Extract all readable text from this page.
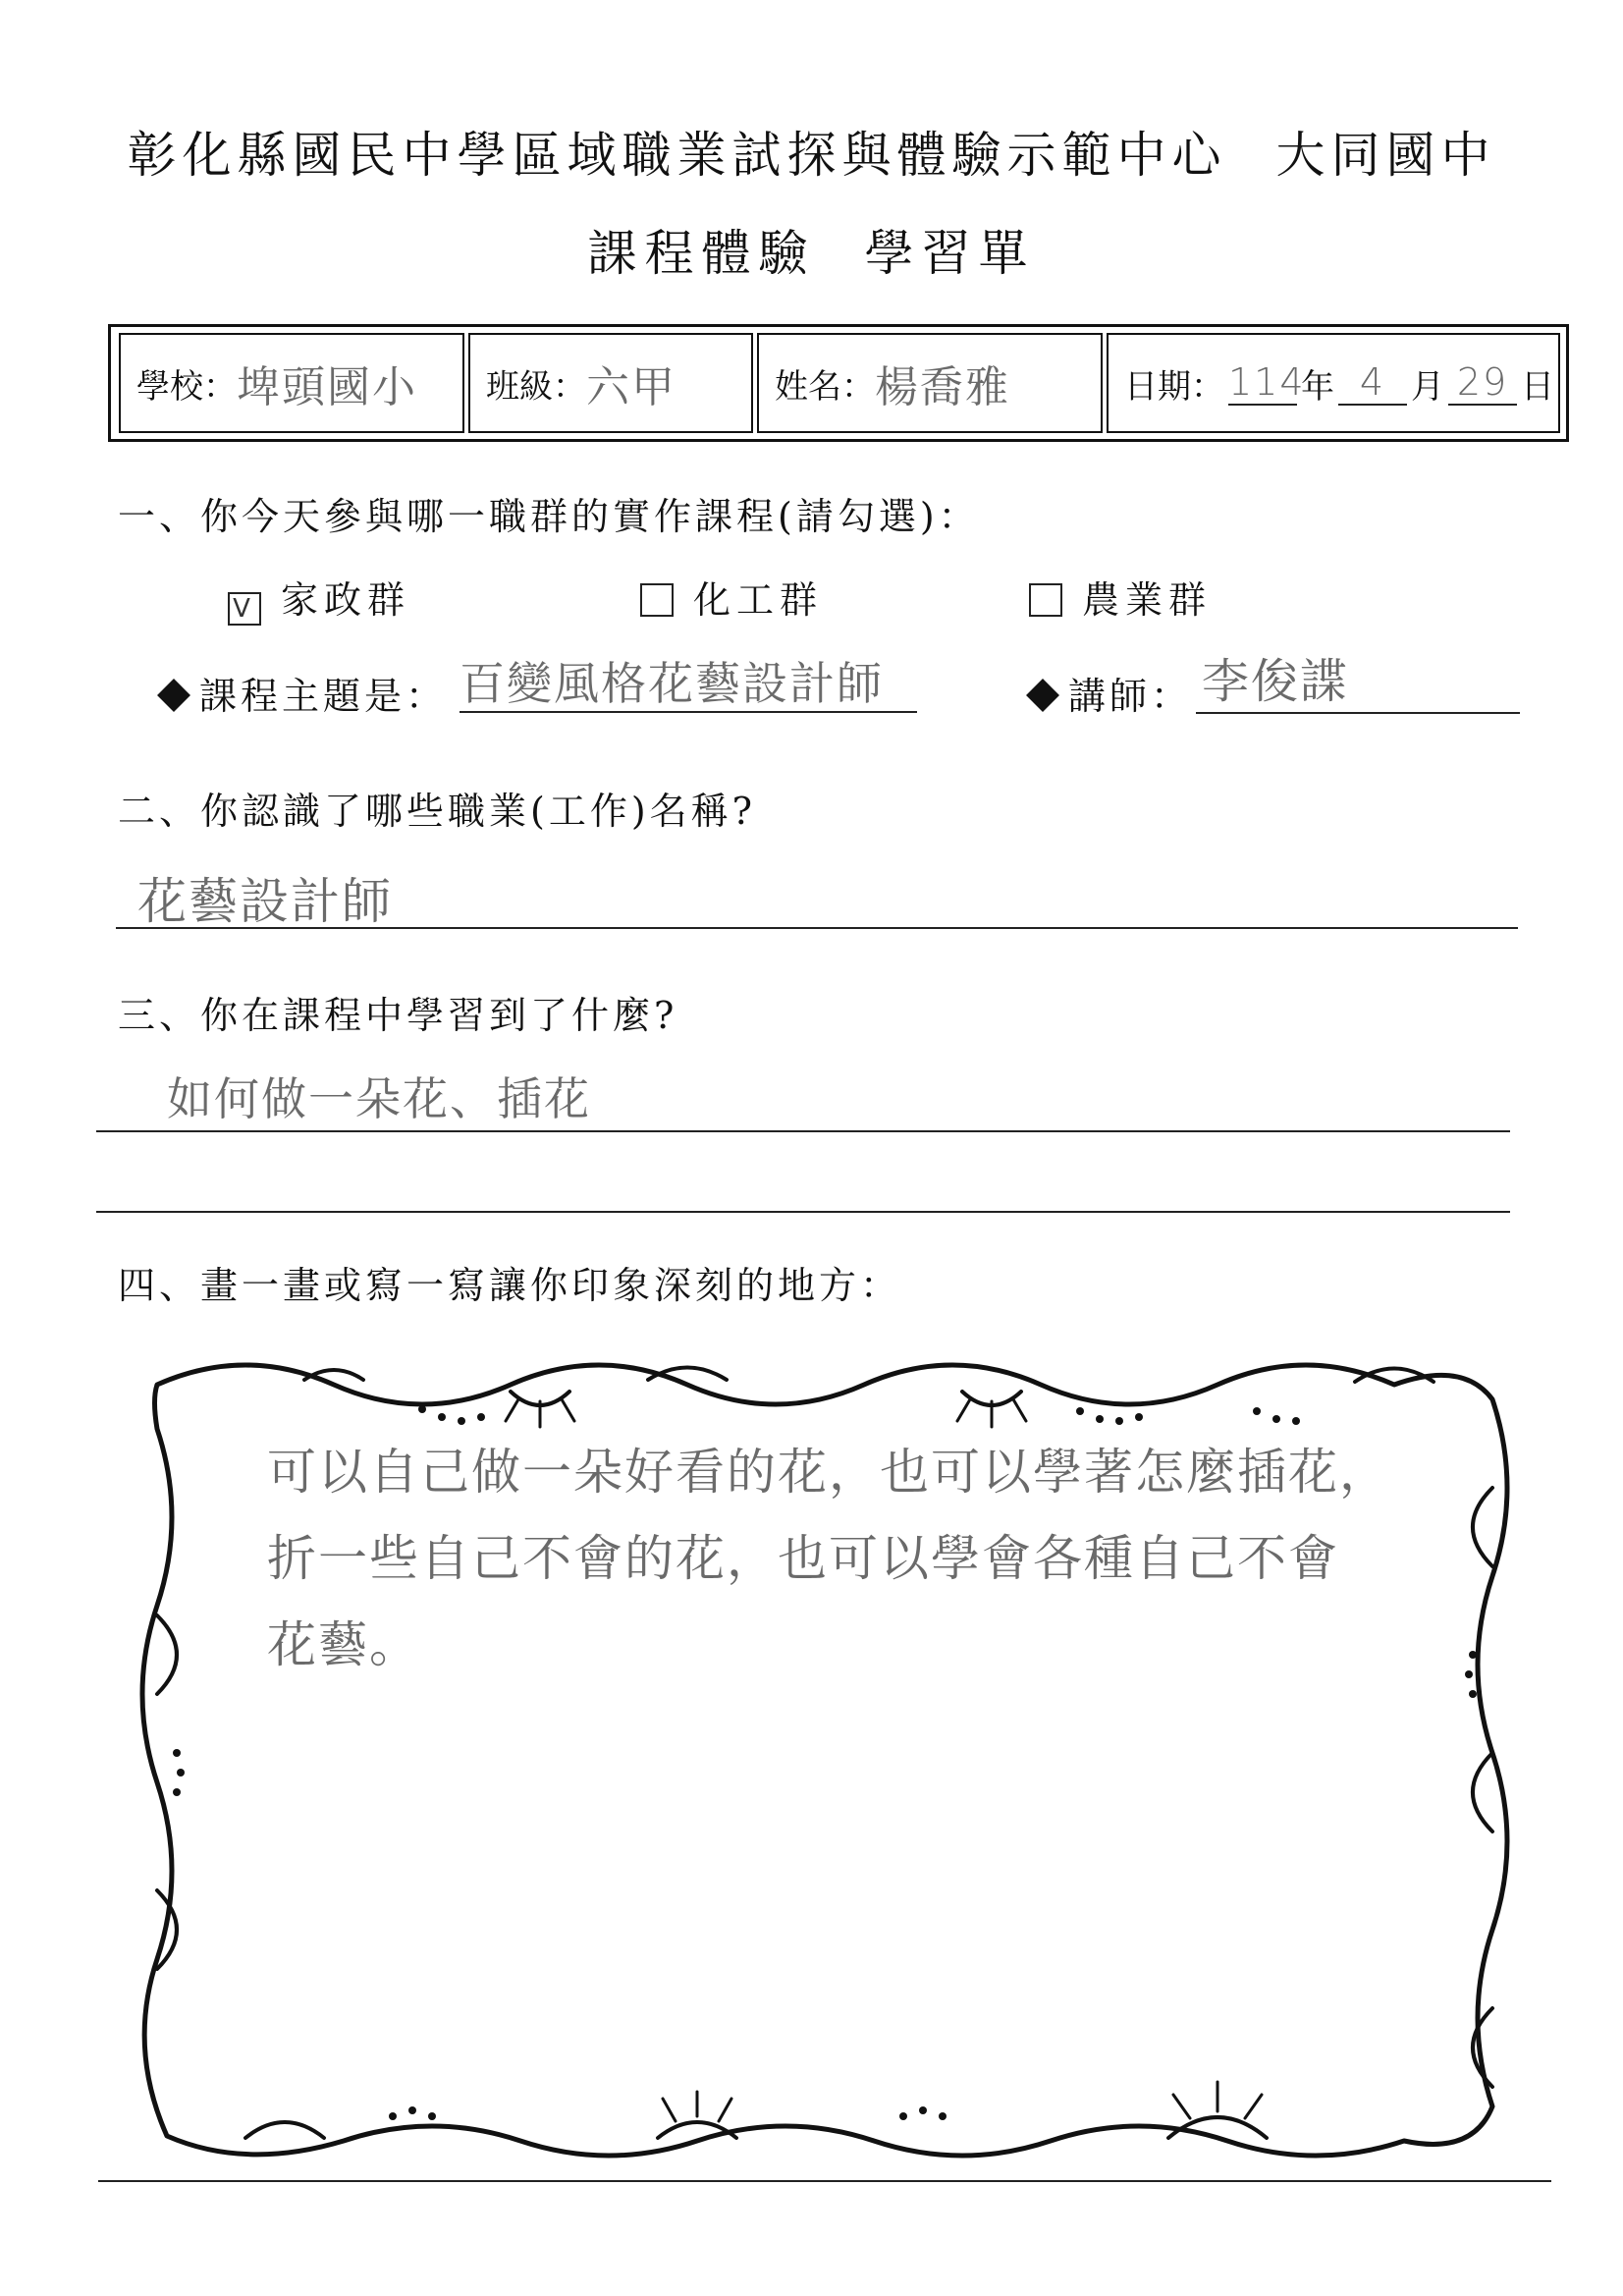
彰化縣國民中學區域職業試探與體驗示範中心 大同國中
課程體驗 學習單
學校： 埤頭國小 班級： 六甲	姓名： 楊喬雅	日期： 114
年 4 月 29 日
一、你今天參與哪一職群的實作課程(請勾選)：
V 家政群	化工群	農業群
課程主題是： 百變風格花藝設計師	講師： 李俊諜
二、你認識了哪些職業(工作)名稱?
花藝設計師
三、你在課程中學習到了什麼?
如何做一朵花、插花
四、畫一畫或寫一寫讓你印象深刻的地方：
可以自己做一朵好看的花，也可以學著怎麼插花，
折一些自己不會的花，也可以學會各種自己不會
花藝。
